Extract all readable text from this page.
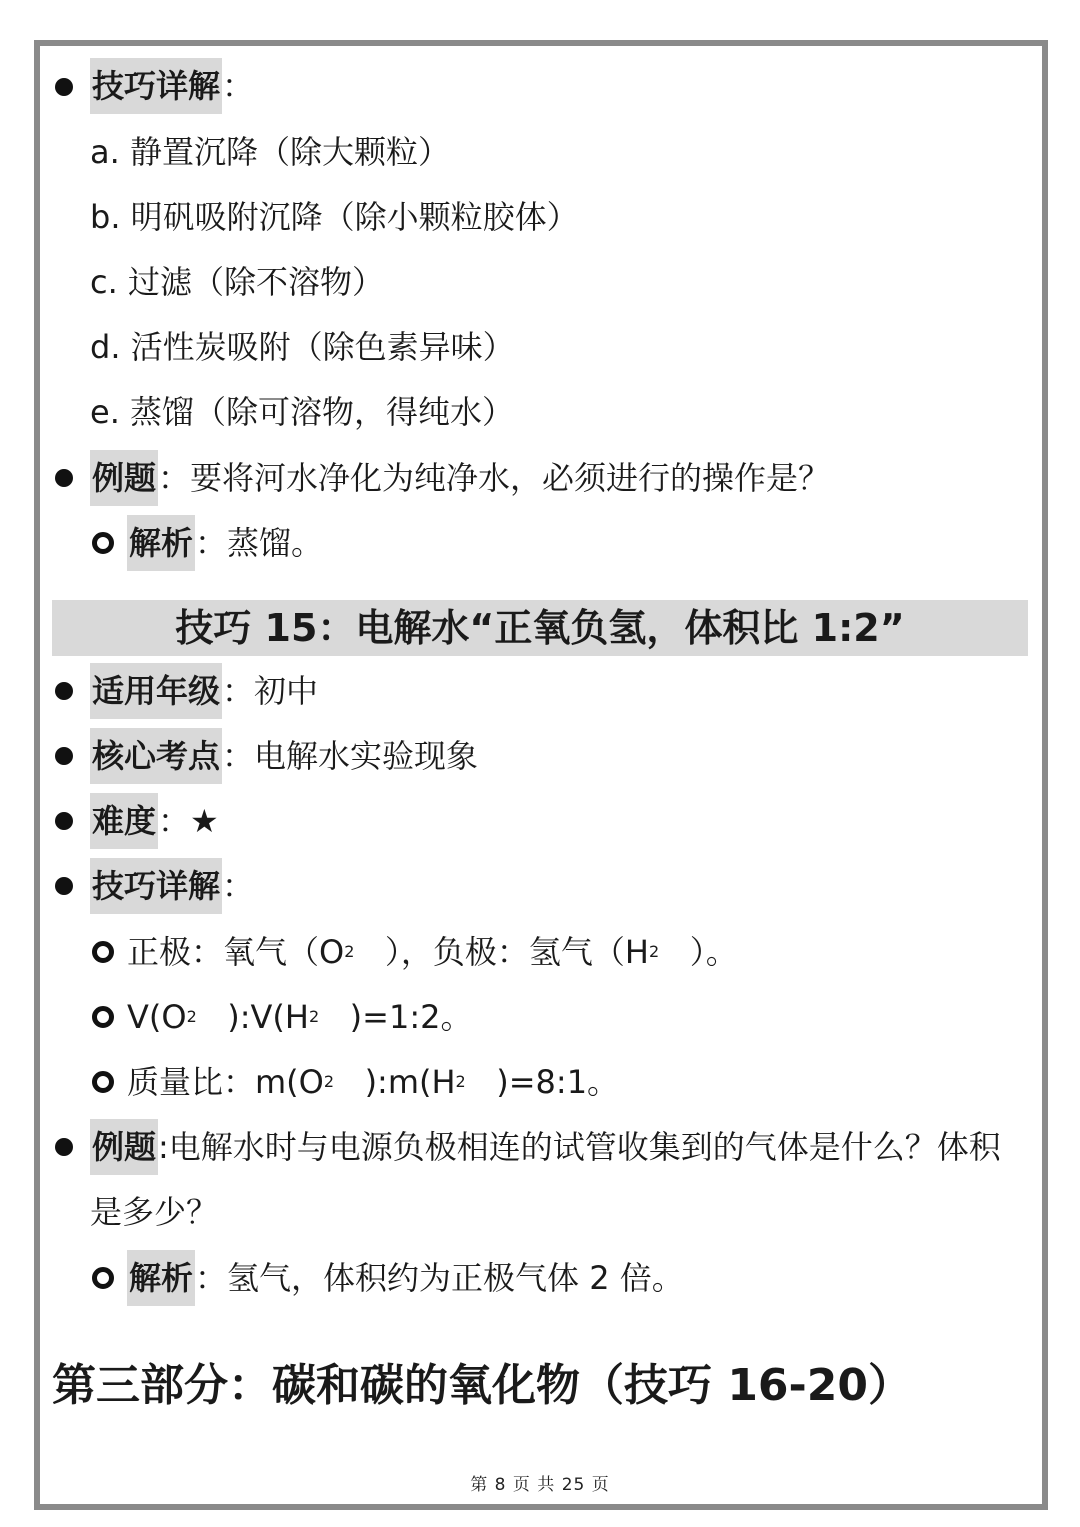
技巧详解 ：
a. 静置沉降（除大颗粒）
b. 明矾吸附沉降（除小颗粒胶体）
c. 过滤（除不溶物）
d. 活性炭吸附（除色素异味）
e. 蒸馏（除可溶物，得纯水）
例题 ：要将河水净化为纯净水，必须进行的操作是？
解析 ：蒸馏。
技巧 15：电解水“正氧负氢，体积比 1:2”
适用年级 ：初中
核心考点 ：电解水实验现象
难度 ：★
技巧详解 ：
正极：氧气（O 2 ），负极：氢气（H 2 ）。
V(O 2 ):V(H 2 )=1:2。
质量比：m(O 2 ):m(H 2 )=8:1。
例题 :电解水时与电源负极相连的试管收集到的气体是什么？体积
是多少？
解析 ：氢气，体积约为正极气体 2 倍。
第三部分：碳和碳的氧化物（技巧 16-20）
第 8 页 共 25 页
